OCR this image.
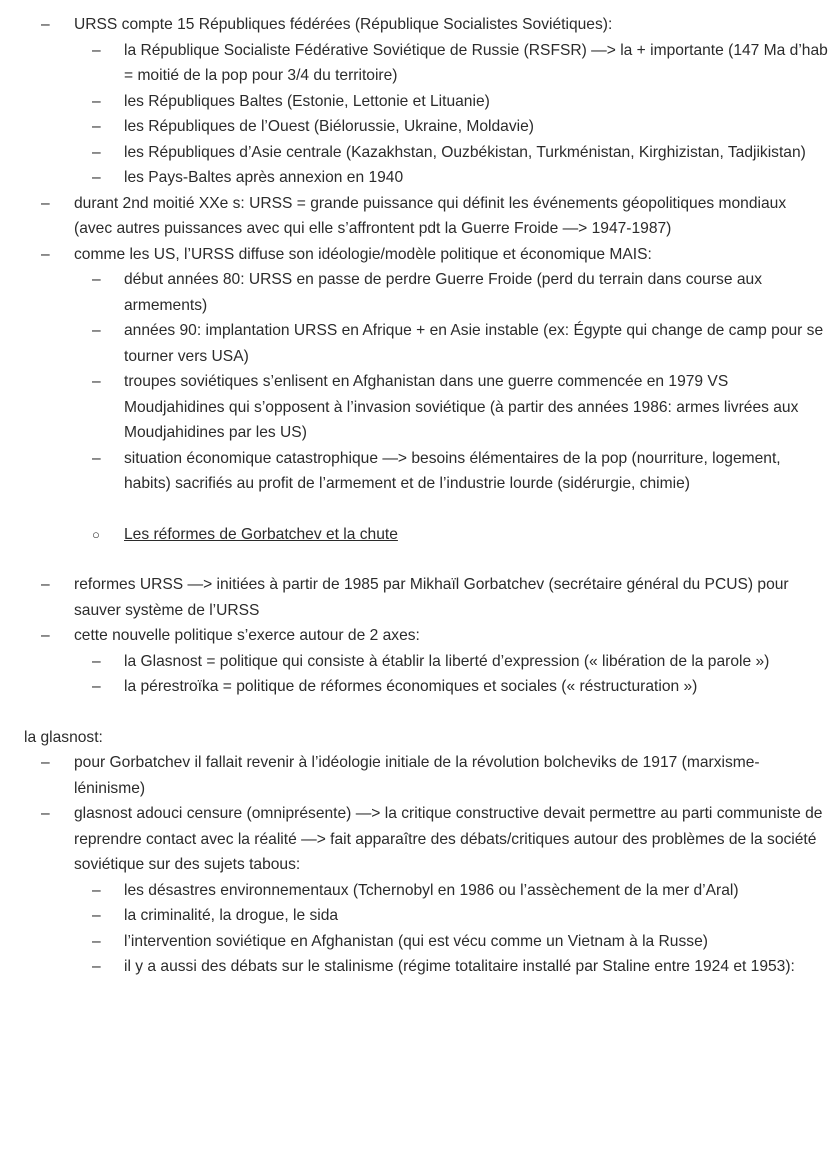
– URSS compte 15 Républiques fédérées (République Socialistes Soviétiques):
– la République Socialiste Fédérative Soviétique de Russie (RSFSR) —> la + importante (147 Ma d’hab = moitié de la pop pour 3/4 du territoire)
– les Républiques Baltes (Estonie, Lettonie et Lituanie)
– les Républiques de l’Ouest (Biélorussie, Ukraine, Moldavie)
– les Républiques d’Asie centrale (Kazakhstan, Ouzbékistan, Turkménistan, Kirghizistan, Tadjikistan)
– les Pays-Baltes après annexion en 1940
– durant 2nd moitié XXe s: URSS = grande puissance qui définit les événements géopolitiques mondiaux (avec autres puissances avec qui elle s’affrontent pdt la Guerre Froide —> 1947-1987)
– comme les US, l’URSS diffuse son idéologie/modèle politique et économique MAIS:
– début années 80: URSS en passe de perdre Guerre Froide (perd du terrain dans course aux armements)
– années 90: implantation URSS en Afrique + en Asie instable (ex: Égypte qui change de camp pour se tourner vers USA)
– troupes soviétiques s’enlisent en Afghanistan dans une guerre commencée en 1979 VS Moudjahidines qui s’opposent à l’invasion soviétique (à partir des années 1986: armes livrées aux Moudjahidines par les US)
– situation économique catastrophique —> besoins élémentaires de la pop (nourriture, logement, habits) sacrifiés au profit de l’armement et de l’industrie lourde (sidérurgie, chimie)
○ Les réformes de Gorbatchev et la chute
– reformes URSS —> initiées à partir de 1985 par Mikhaïl Gorbatchev (secrétaire général du PCUS) pour sauver système de l’URSS
– cette nouvelle politique s’exerce autour de 2 axes:
– la Glasnost = politique qui consiste à établir la liberté d’expression (« libération de la parole »)
– la pérestroïka = politique de réformes économiques et sociales (« réstructuration »)
la glasnost:
– pour Gorbatchev il fallait revenir à l’idéologie initiale de la révolution bolcheviks de 1917 (marxisme-léninisme)
– glasnost adouci censure (omniprésente) —> la critique constructive devait permettre au parti communiste de reprendre contact avec la réalité —> fait apparaître des débats/critiques autour des problèmes de la société soviétique sur des sujets tabous:
– les désastres environnementaux (Tchernobyl en 1986 ou l’assèchement de la mer d’Aral)
– la criminalité, la drogue, le sida
– l’intervention soviétique en Afghanistan (qui est vécu comme un Vietnam à la Russe)
– il y a aussi des débats sur le stalinisme (régime totalitaire installé par Staline entre 1924 et 1953):
